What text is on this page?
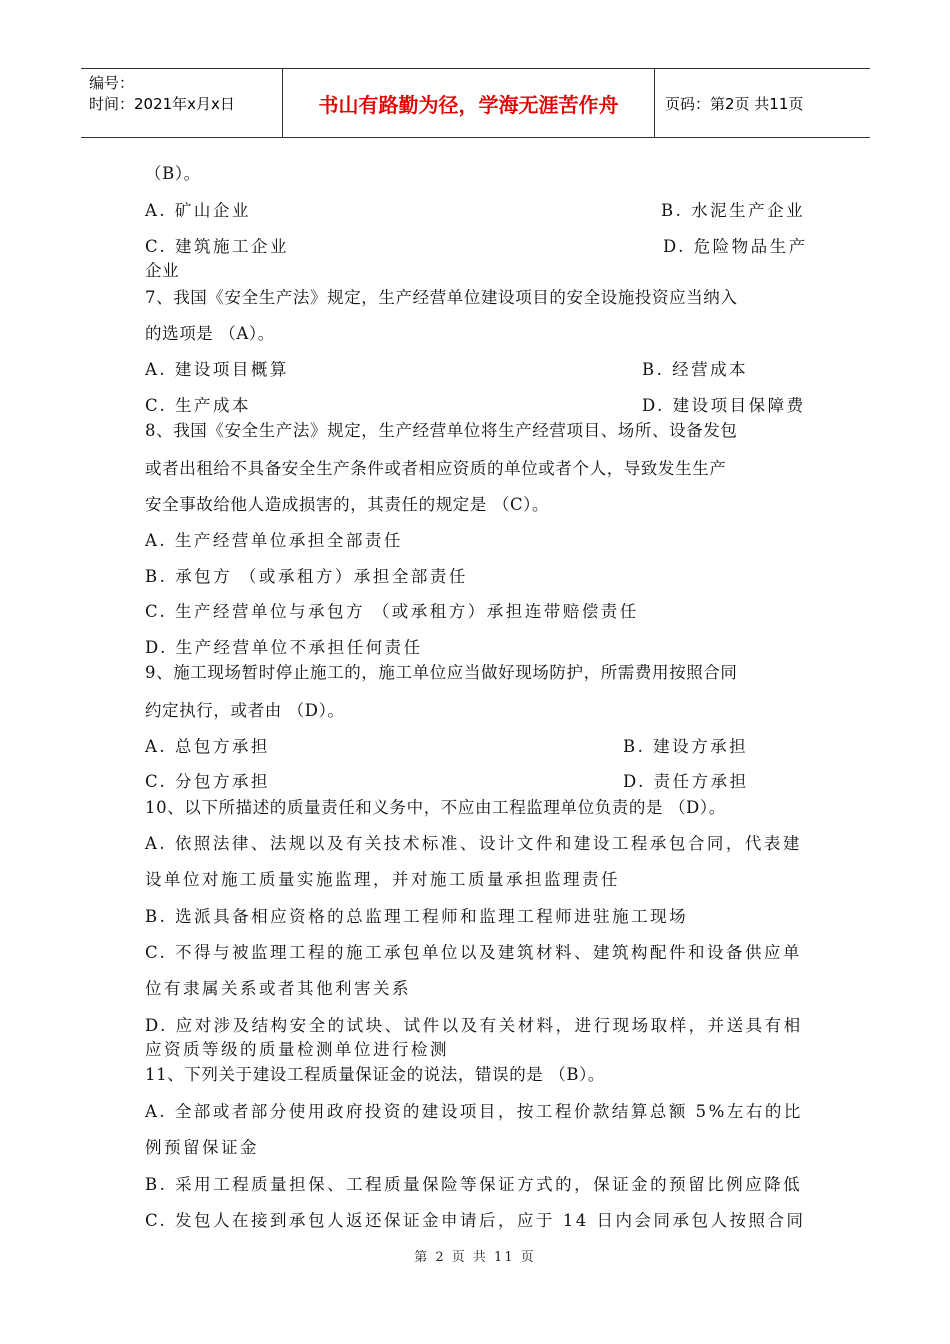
编号：
时间：2021年x月x日	书山有路勤为径，学海无涯苦作舟	页码：第2页 共11页
（B）。
A. 矿山企业	B. 水泥生产企业
C. 建筑施工企业	D. 危险物品生产
企业
7、我国《安全生产法》规定，生产经营单位建设项目的安全设施投资应当纳入
的选项是 （A）。
A. 建设项目概算	B. 经营成本
C. 生产成本	D. 建设项目保障费
8、我国《安全生产法》规定，生产经营单位将生产经营项目、场所、设备发包
或者出租给不具备安全生产条件或者相应资质的单位或者个人，导致发生生产
安全事故给他人造成损害的，其责任的规定是 （C）。
A. 生产经营单位承担全部责任
B. 承包方 （或承租方）承担全部责任
C. 生产经营单位与承包方 （或承租方）承担连带赔偿责任
D. 生产经营单位不承担任何责任
9、施工现场暂时停止施工的，施工单位应当做好现场防护，所需费用按照合同
约定执行，或者由 （D）。
A. 总包方承担	B. 建设方承担
C. 分包方承担	D. 责任方承担
10、以下所描述的质量责任和义务中，不应由工程监理单位负责的是 （D）。
A. 依照法律、法规以及有关技术标准、设计文件和建设工程承包合同，代表建
设单位对施工质量实施监理，并对施工质量承担监理责任
B. 选派具备相应资格的总监理工程师和监理工程师进驻施工现场
C. 不得与被监理工程的施工承包单位以及建筑材料、建筑构配件和设备供应单
位有隶属关系或者其他利害关系
D. 应对涉及结构安全的试块、试件以及有关材料，进行现场取样，并送具有相
应资质等级的质量检测单位进行检测
11、下列关于建设工程质量保证金的说法，错误的是 （B）。
A. 全部或者部分使用政府投资的建设项目，按工程价款结算总额 5%左右的比
例预留保证金
B. 采用工程质量担保、工程质量保险等保证方式的，保证金的预留比例应降低
C. 发包人在接到承包人返还保证金申请后，应于 14 日内会同承包人按照合同
第 2 页 共 11 页
